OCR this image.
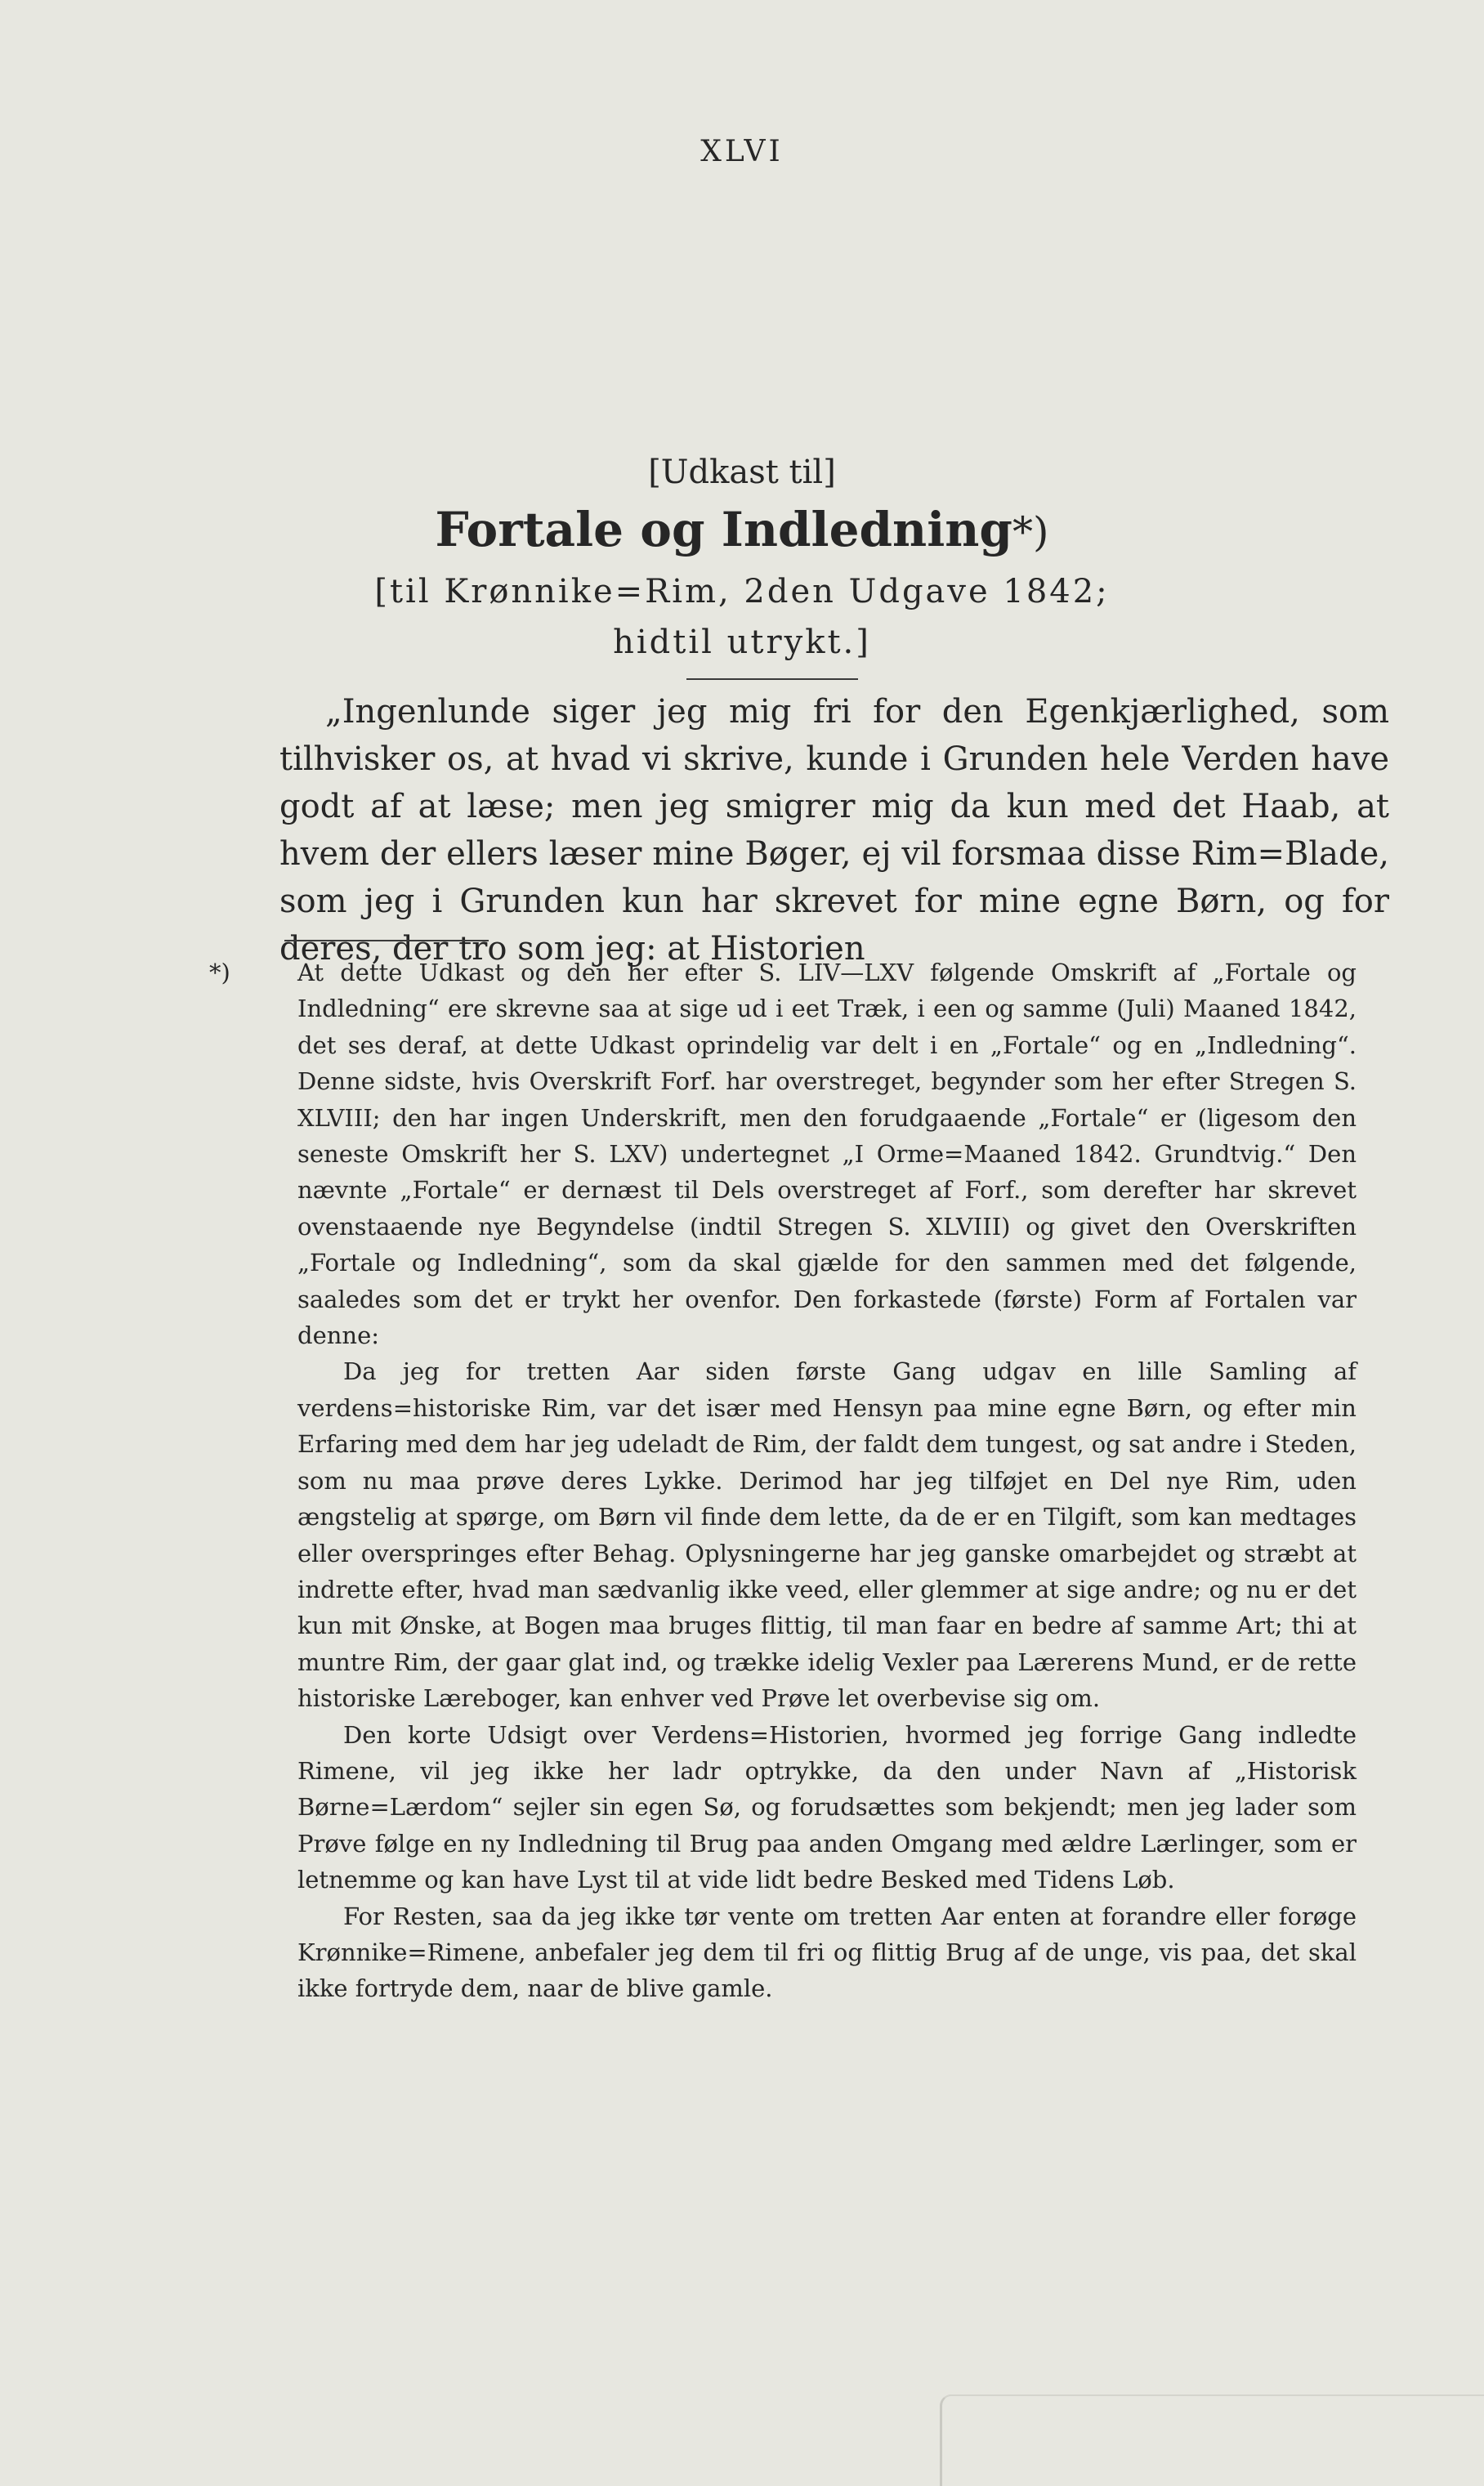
XLVI
[Udkast til]
Fortale og Indledning*)
[til Krønnike=Rim, 2den Udgave 1842;
hidtil utrykt.]

„Ingenlunde siger jeg mig fri for den Egenkjærlighed, som tilhvisker os, at hvad vi skrive, kunde i Grunden hele Verden have godt af at læse; men jeg smigrer mig da kun med det Haab, at hvem der ellers læser mine Bøger, ej vil forsmaa disse Rim=Blade, som jeg i Grunden kun har skrevet for mine egne Børn, og for deres, der tro som jeg: at Historien

*)	At dette Udkast og den her efter S. LIV—LXV følgende Omskrift af „Fortale og Indledning“ ere skrevne saa at sige ud i eet Træk, i een og samme (Juli) Maaned 1842, det ses deraf, at dette Udkast oprindelig var delt i en „Fortale“ og en „Indledning“. Denne sidste, hvis Overskrift Forf. har overstreget, begynder som her efter Stregen S. XLVIII; den har ingen Underskrift, men den forudgaaende „Fortale“ er (ligesom den seneste Omskrift her S. LXV) undertegnet „I Orme=Maaned 1842. Grundtvig.“ Den nævnte „Fortale“ er dernæst til Dels overstreget af Forf., som derefter har skrevet ovenstaaende nye Begyndelse (indtil Stregen S. XLVIII) og givet den Overskriften „Fortale og Indledning“, som da skal gjælde for den sammen med det følgende, saaledes som det er trykt her ovenfor. Den forkastede (første) Form af Fortalen var denne:

Da jeg for tretten Aar siden første Gang udgav en lille Samling af verdens=historiske Rim, var det især med Hensyn paa mine egne Børn, og efter min Erfaring med dem har jeg udeladt de Rim, der faldt dem tungest, og sat andre i Steden, som nu maa prøve deres Lykke. Derimod har jeg tilføjet en Del nye Rim, uden ængstelig at spørge, om Børn vil finde dem lette, da de er en Tilgift, som kan medtages eller overspringes efter Behag. Oplysningerne har jeg ganske omarbejdet og stræbt at indrette efter, hvad man sædvanlig ikke veed, eller glemmer at sige andre; og nu er det kun mit Ønske, at Bogen maa bruges flittig, til man faar en bedre af samme Art; thi at muntre Rim, der gaar glat ind, og trække idelig Vexler paa Lærerens Mund, er de rette historiske Læreboger, kan enhver ved Prøve let overbevise sig om.

Den korte Udsigt over Verdens=Historien, hvormed jeg forrige Gang indledte Rimene, vil jeg ikke her ladr optrykke, da den under Navn af „Historisk Børne=Lærdom“ sejler sin egen Sø, og forudsættes som bekjendt; men jeg lader som Prøve følge en ny Indledning til Brug paa anden Omgang med ældre Lærlinger, som er letnemme og kan have Lyst til at vide lidt bedre Besked med Tidens Løb.

For Resten, saa da jeg ikke tør vente om tretten Aar enten at forandre eller forøge Krønnike=Rimene, anbefaler jeg dem til fri og flittig Brug af de unge, vis paa, det skal ikke fortryde dem, naar de blive gamle.
